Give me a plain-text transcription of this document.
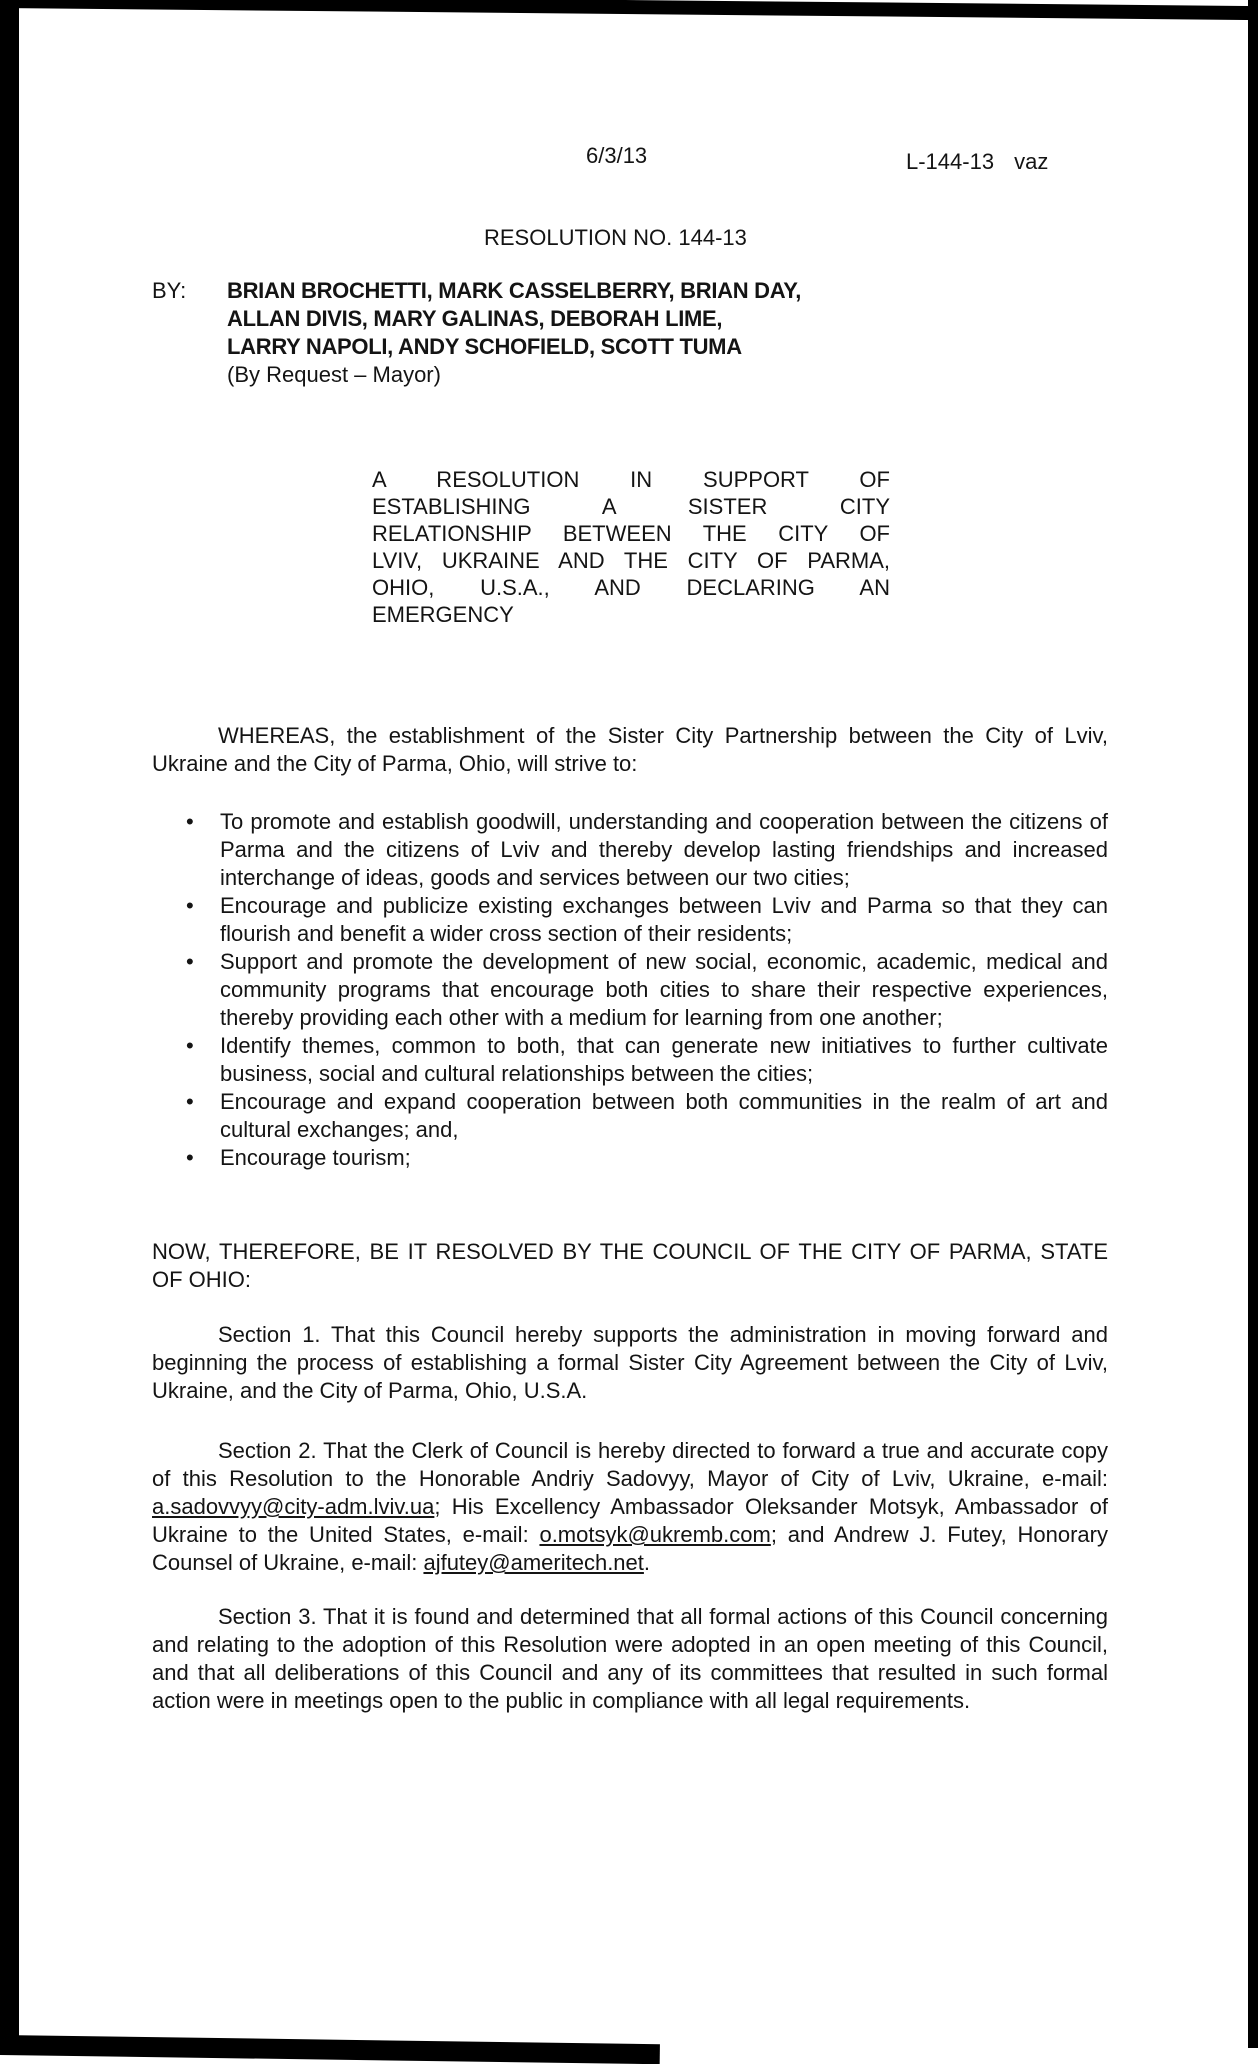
6/3/13	L-144-13 vaz
RESOLUTION NO. 144-13
BY: BRIAN BROCHETTI, MARK CASSELBERRY, BRIAN DAY,
ALLAN DIVIS, MARY GALINAS, DEBORAH LIME,
LARRY NAPOLI, ANDY SCHOFIELD, SCOTT TUMA
(By Request – Mayor)
A RESOLUTION IN SUPPORT OF
ESTABLISHING A SISTER CITY
RELATIONSHIP BETWEEN THE CITY OF
LVIV, UKRAINE AND THE CITY OF PARMA,
OHIO, U.S.A., AND DECLARING AN
EMERGENCY
WHEREAS, the establishment of the Sister City Partnership between the City of Lviv, Ukraine and the City of Parma, Ohio, will strive to:
• To promote and establish goodwill, understanding and cooperation between the citizens of Parma and the citizens of Lviv and thereby develop lasting friendships and increased interchange of ideas, goods and services between our two cities;
• Encourage and publicize existing exchanges between Lviv and Parma so that they can flourish and benefit a wider cross section of their residents;
• Support and promote the development of new social, economic, academic, medical and community programs that encourage both cities to share their respective experiences, thereby providing each other with a medium for learning from one another;
• Identify themes, common to both, that can generate new initiatives to further cultivate business, social and cultural relationships between the cities;
• Encourage and expand cooperation between both communities in the realm of art and cultural exchanges; and,
• Encourage tourism;
NOW, THEREFORE, BE IT RESOLVED BY THE COUNCIL OF THE CITY OF PARMA, STATE OF OHIO:
Section 1. That this Council hereby supports the administration in moving forward and beginning the process of establishing a formal Sister City Agreement between the City of Lviv, Ukraine, and the City of Parma, Ohio, U.S.A.
Section 2. That the Clerk of Council is hereby directed to forward a true and accurate copy of this Resolution to the Honorable Andriy Sadovyy, Mayor of City of Lviv, Ukraine, e-mail: a.sadovvyy@city-adm.lviv.ua; His Excellency Ambassador Oleksander Motsyk, Ambassador of Ukraine to the United States, e-mail: o.motsyk@ukremb.com; and Andrew J. Futey, Honorary Counsel of Ukraine, e-mail: ajfutey@ameritech.net.
Section 3. That it is found and determined that all formal actions of this Council concerning and relating to the adoption of this Resolution were adopted in an open meeting of this Council, and that all deliberations of this Council and any of its committees that resulted in such formal action were in meetings open to the public in compliance with all legal requirements.
